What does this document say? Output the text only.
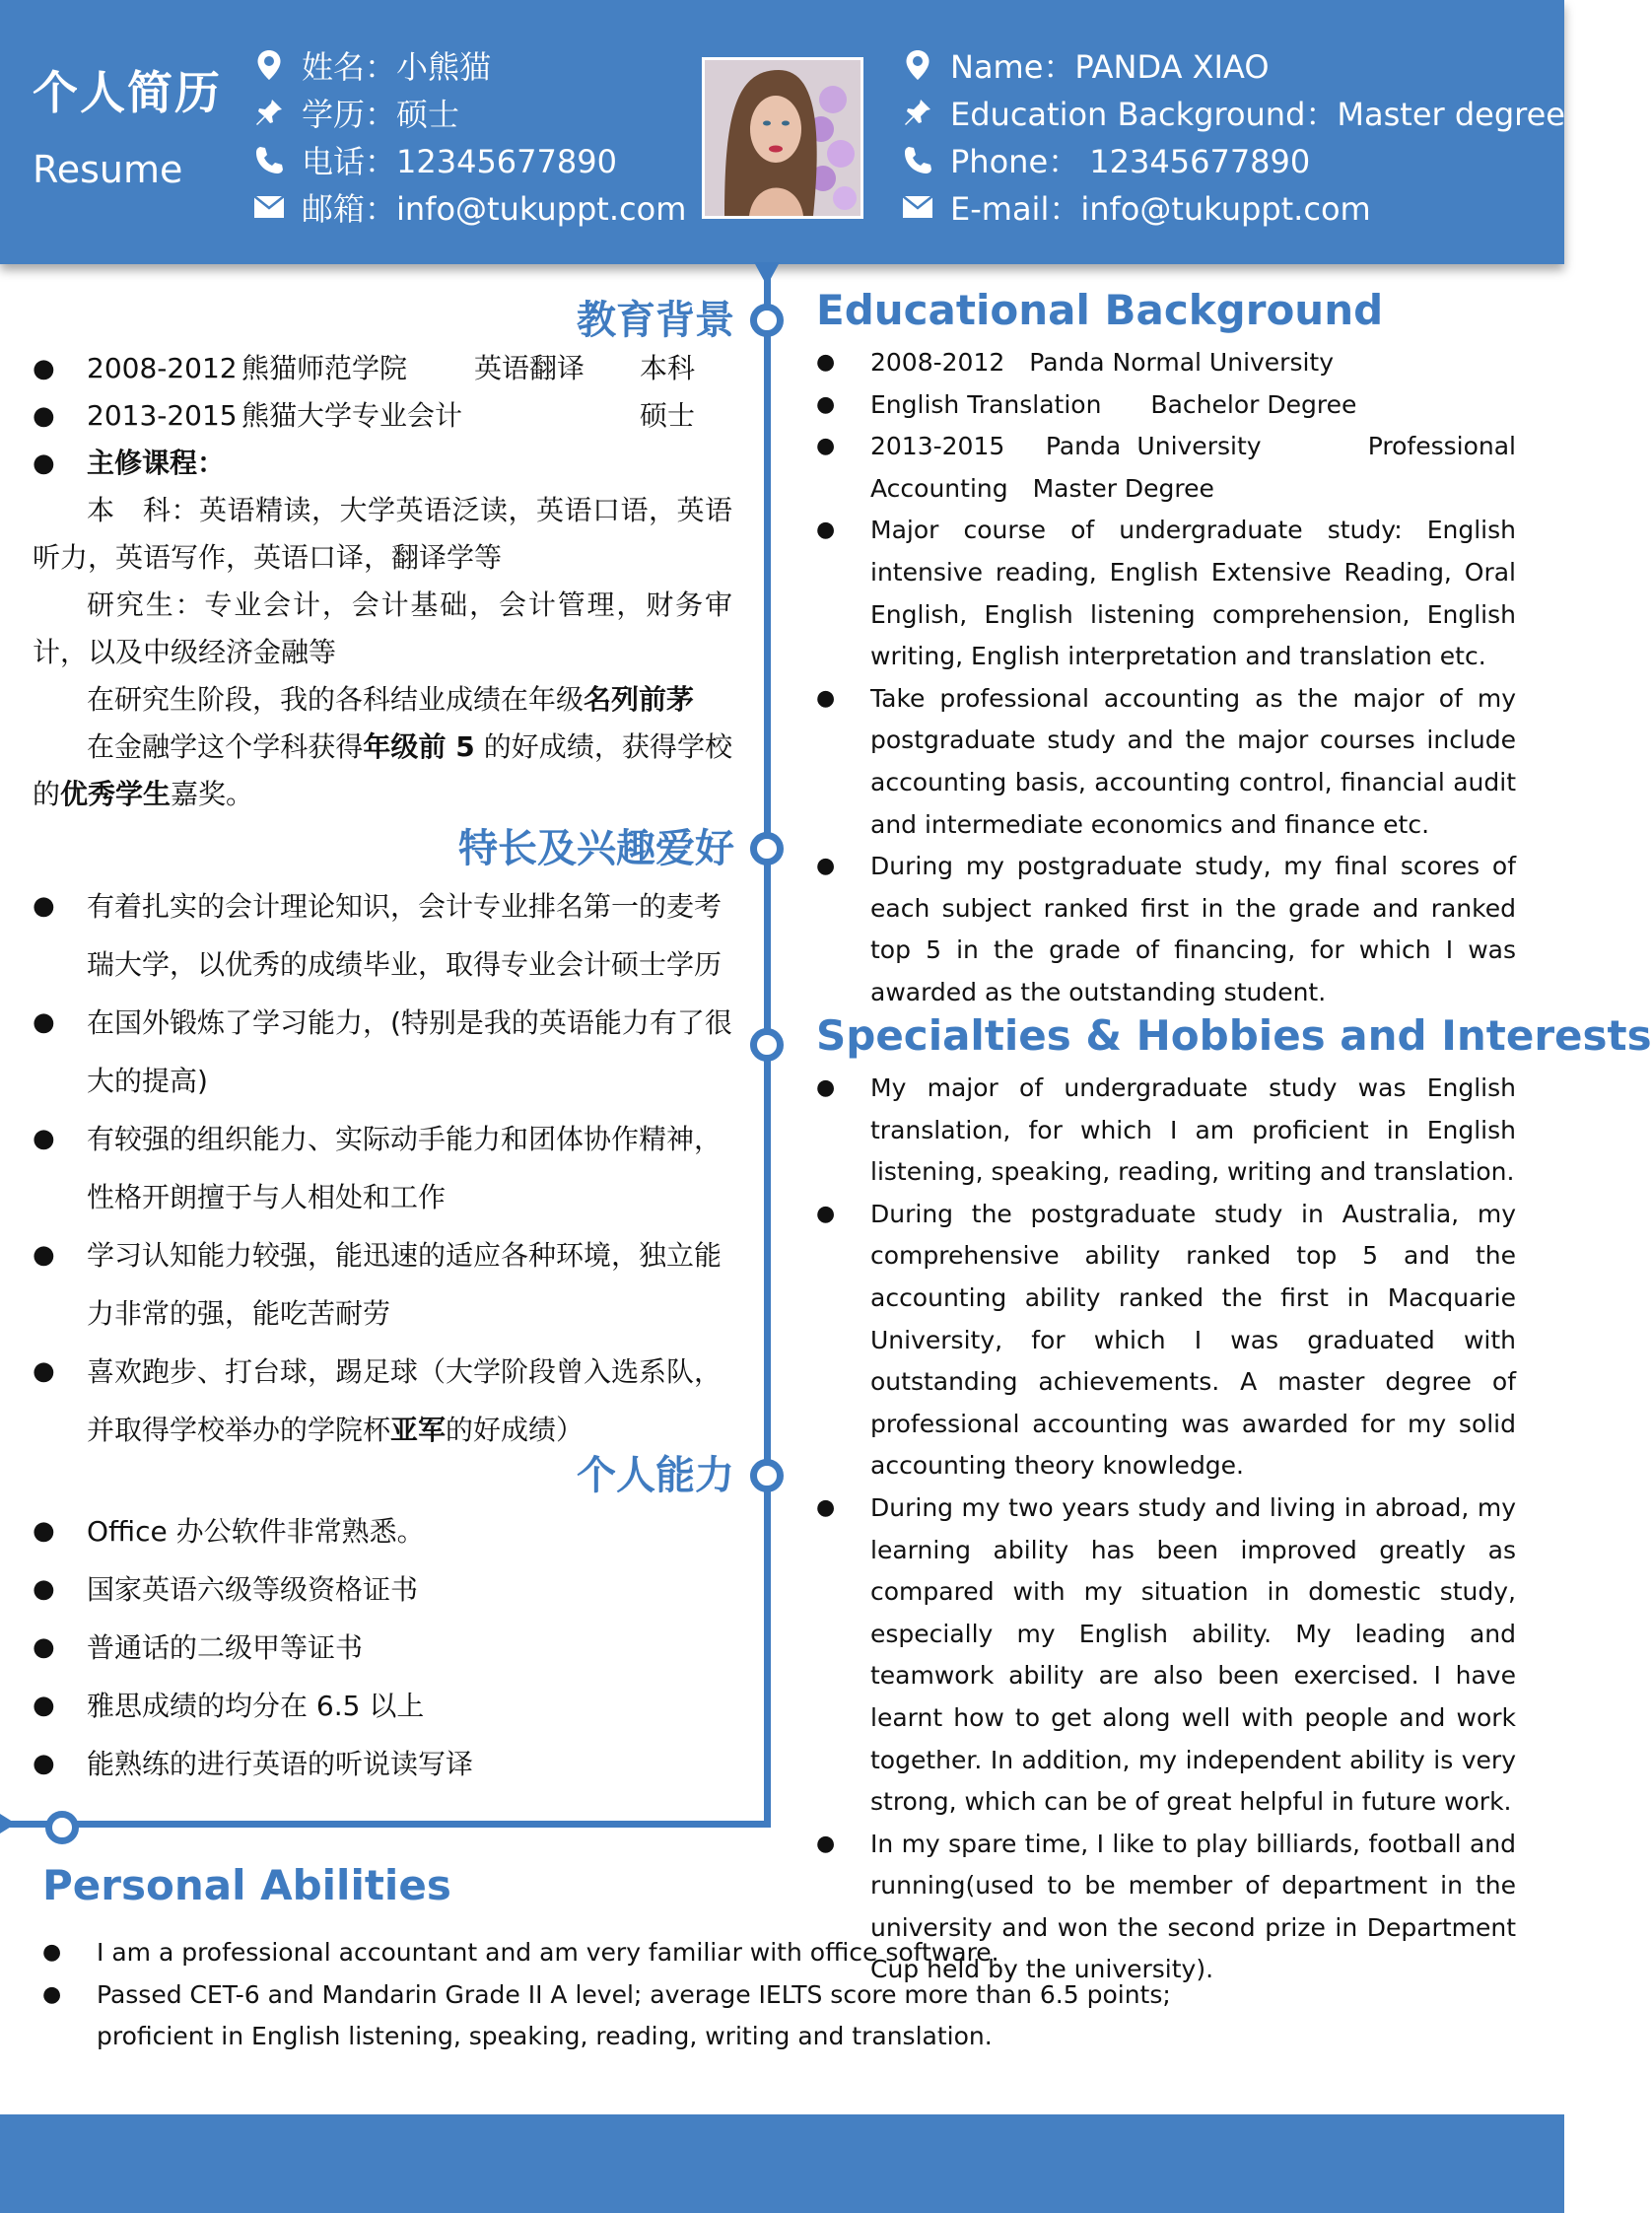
个人简历
Resume
姓名：小熊猫
学历：硕士
电话：12345677890
邮箱：info@tukuppt.com
Name：PANDA XIAO
Education Background：Master degree
Phone： 12345677890
E-mail：info@tukuppt.com
教育背景

● 2008-2012 熊猫师范学院 英语翻译 本科

● 2013-2015 熊猫大学专业会计	硕士

● 主修课程：

本　科：英语精读，大学英语泛读，英语口语，英语听力，英语写作，英语口译，翻译学等

研究生：专业会计，会计基础，会计管理，财务审计，以及中级经济金融等

在研究生阶段，我的各科结业成绩在年级名列前茅

在金融学这个学科获得年级前 5 的好成绩，获得学校的优秀学生嘉奖。

特长及兴趣爱好
● 有着扎实的会计理论知识，会计专业排名第一的麦考瑞大学，以优秀的成绩毕业，取得专业会计硕士学历
● 在国外锻炼了学习能力，(特别是我的英语能力有了很大的提高)
● 有较强的组织能力、实际动手能力和团体协作精神，性格开朗擅于与人相处和工作
● 学习认知能力较强，能迅速的适应各种环境，独立能力非常的强，能吃苦耐劳
● 喜欢跑步、打台球，踢足球（大学阶段曾入选系队，并取得学校举办的学院杯亚军的好成绩）
个人能力
● Office 办公软件非常熟悉。
● 国家英语六级等级资格证书
● 普通话的二级甲等证书
● 雅思成绩的均分在 6.5 以上
● 能熟练的进行英语的听说读写译
Educational Background
● 2008-2012　Panda Normal University
● English Translation　　Bachelor Degree
● 2013-2015　Panda University　　　Professional Accounting　Master Degree
● Major course of undergraduate study: English intensive reading, English Extensive Reading, Oral English, English listening comprehension, English writing, English interpretation and translation etc.
● Take professional accounting as the major of my postgraduate study and the major courses include accounting basis, accounting control, financial audit and intermediate economics and finance etc.
● During my postgraduate study, my final scores of each subject ranked first in the grade and ranked top 5 in the grade of financing, for which I was awarded as the outstanding student.
Specialties & Hobbies and Interests
● My major of undergraduate study was English translation, for which I am proficient in English listening, speaking, reading, writing and translation.
● During the postgraduate study in Australia, my comprehensive ability ranked top 5 and the accounting ability ranked the first in Macquarie University, for which I was graduated with outstanding achievements. A master degree of professional accounting was awarded for my solid accounting theory knowledge.
● During my two years study and living in abroad, my learning ability has been improved greatly as compared with my situation in domestic study, especially my English ability. My leading and teamwork ability are also been exercised. I have learnt how to get along well with people and work together. In addition, my independent ability is very strong, which can be of great helpful in future work.
● In my spare time, I like to play billiards, football and running(used to be member of department in the university and won the second prize in Department Cup held by the university).
Personal Abilities
● I am a professional accountant and am very familiar with office software.
● Passed CET-6 and Mandarin Grade II A level; average IELTS score more than 6.5 points; proficient in English listening, speaking, reading, writing and translation.
